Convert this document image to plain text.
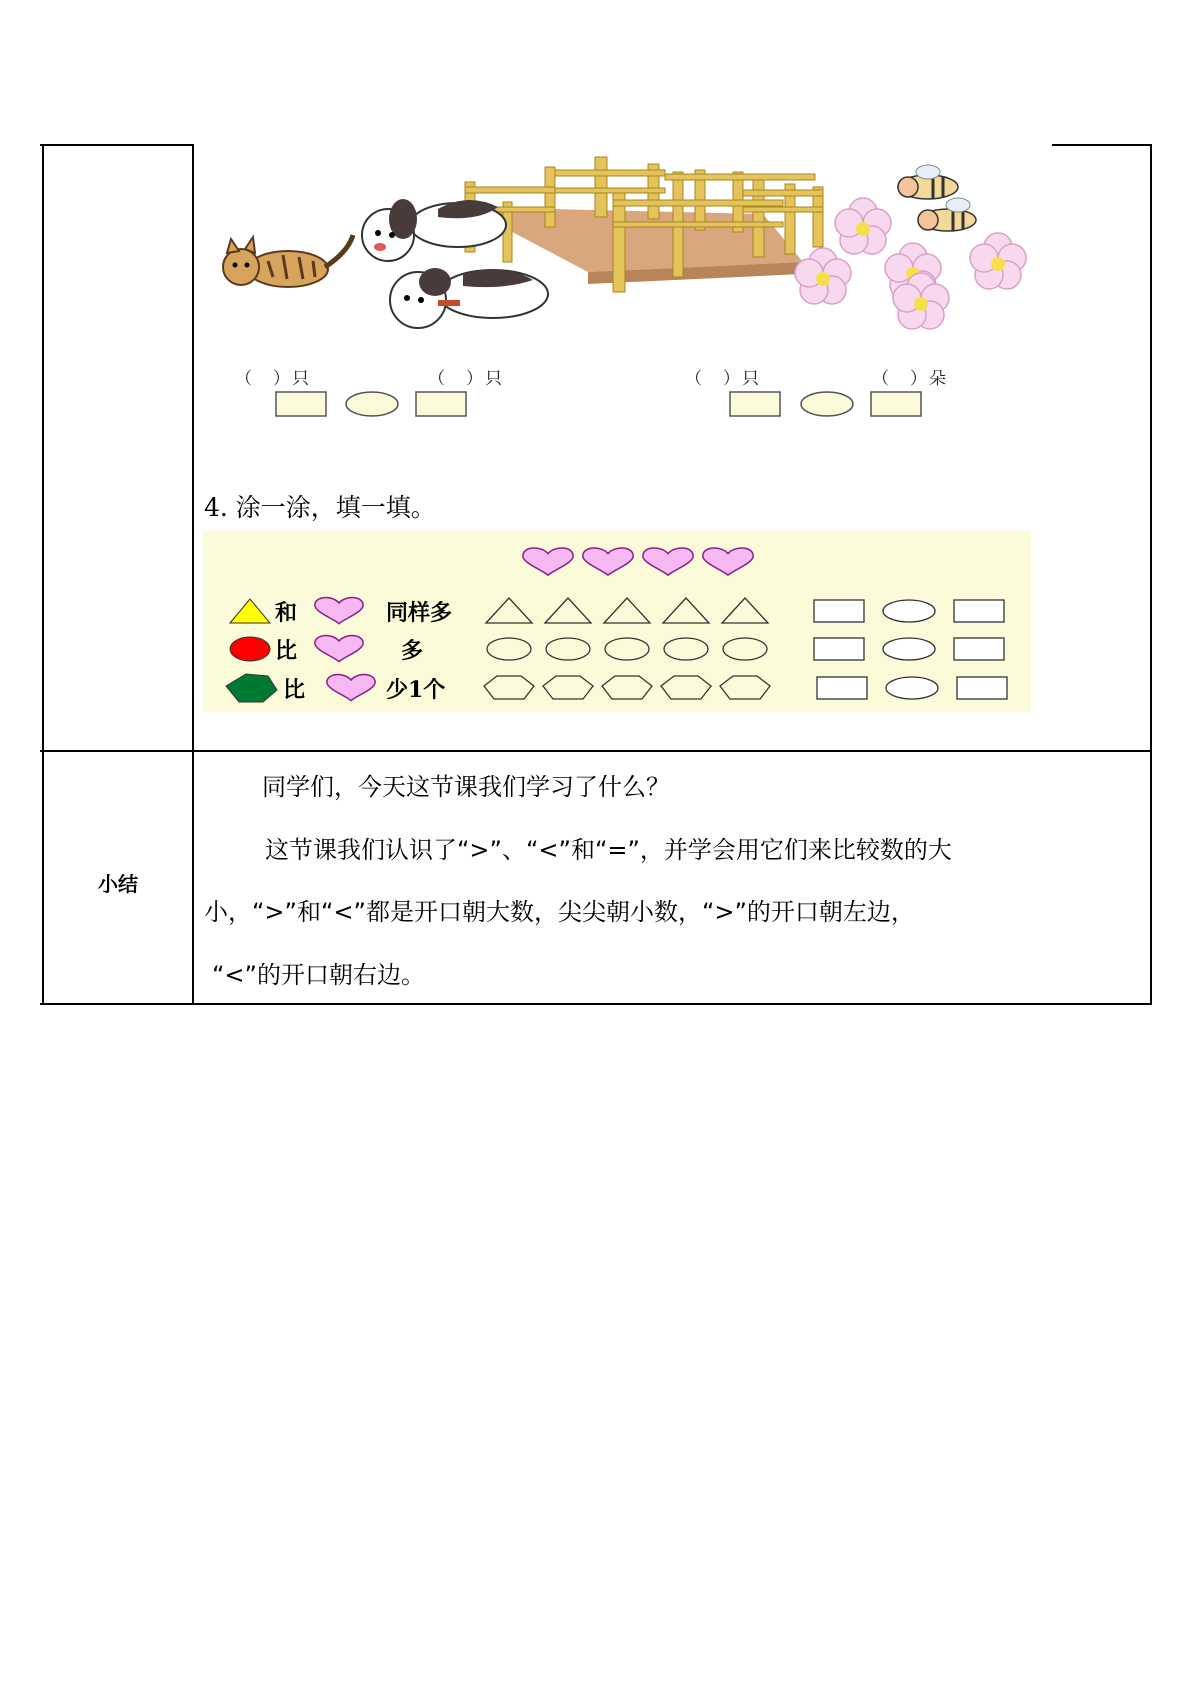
（　）只	（　）只	（　）只	（　）朵
4. 涂一涂，填一填。
和	同样多
比	多
比	少1个
小结
同学们，今天这节课我们学习了什么？
这节课我们认识了“>”、“<”和“=”，并学会用它们来比较数的大
小，“>”和“<”都是开口朝大数，尖尖朝小数，“>”的开口朝左边，
“<”的开口朝右边。
